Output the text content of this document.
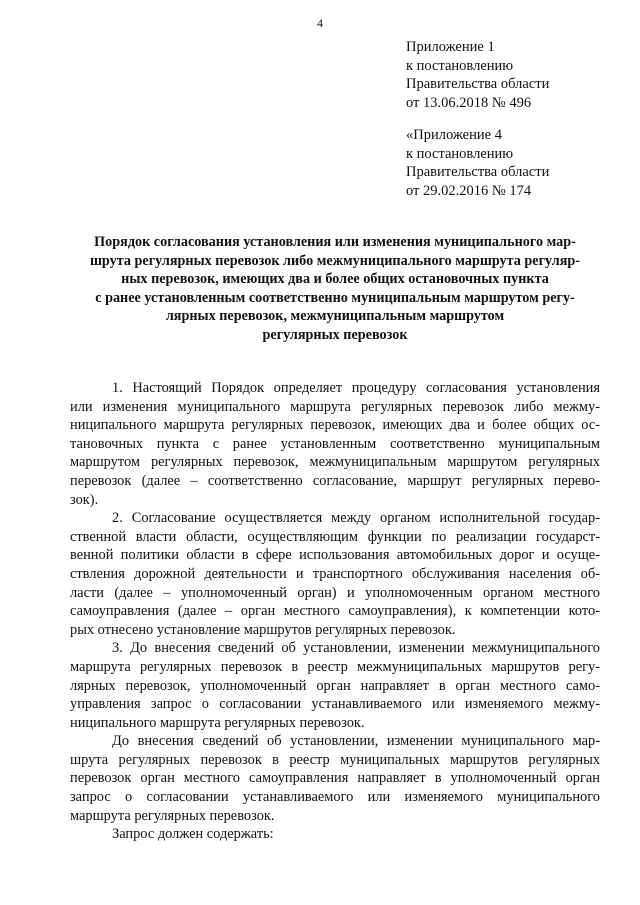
4
Приложение 1
к постановлению
Правительства области
от 13.06.2018 № 496
«Приложение 4
к постановлению
Правительства области
от 29.02.2016 № 174
Порядок согласования установления или изменения муниципального мар-
шрута регулярных перевозок либо межмуниципального маршрута регуляр-
ных перевозок, имеющих два и более общих остановочных пункта
с ранее установленным соответственно муниципальным маршрутом регу-
лярных перевозок, межмуниципальным маршрутом
регулярных перевозок
1. Настоящий Порядок определяет процедуру согласования установления
или изменения муниципального маршрута регулярных перевозок либо межму-
ниципального маршрута регулярных перевозок, имеющих два и более общих ос-
тановочных пункта с ранее установленным соответственно муниципальным
маршрутом регулярных перевозок, межмуниципальным маршрутом регулярных
перевозок (далее – соответственно согласование, маршрут регулярных перево-
зок).
2. Согласование осуществляется между органом исполнительной государ-
ственной власти области, осуществляющим функции по реализации государст-
венной политики области в сфере использования автомобильных дорог и осуще-
ствления дорожной деятельности и транспортного обслуживания населения об-
ласти (далее – уполномоченный орган) и уполномоченным органом местного
самоуправления (далее – орган местного самоуправления), к компетенции кото-
рых отнесено установление маршрутов регулярных перевозок.
3. До внесения сведений об установлении, изменении межмуниципального
маршрута регулярных перевозок в реестр межмуниципальных маршрутов регу-
лярных перевозок, уполномоченный орган направляет в орган местного само-
управления запрос о согласовании устанавливаемого или изменяемого межму-
ниципального маршрута регулярных перевозок.
До внесения сведений об установлении, изменении муниципального мар-
шрута регулярных перевозок в реестр муниципальных маршрутов регулярных
перевозок орган местного самоуправления направляет в уполномоченный орган
запрос о согласовании устанавливаемого или изменяемого муниципального
маршрута регулярных перевозок.
Запрос должен содержать:
